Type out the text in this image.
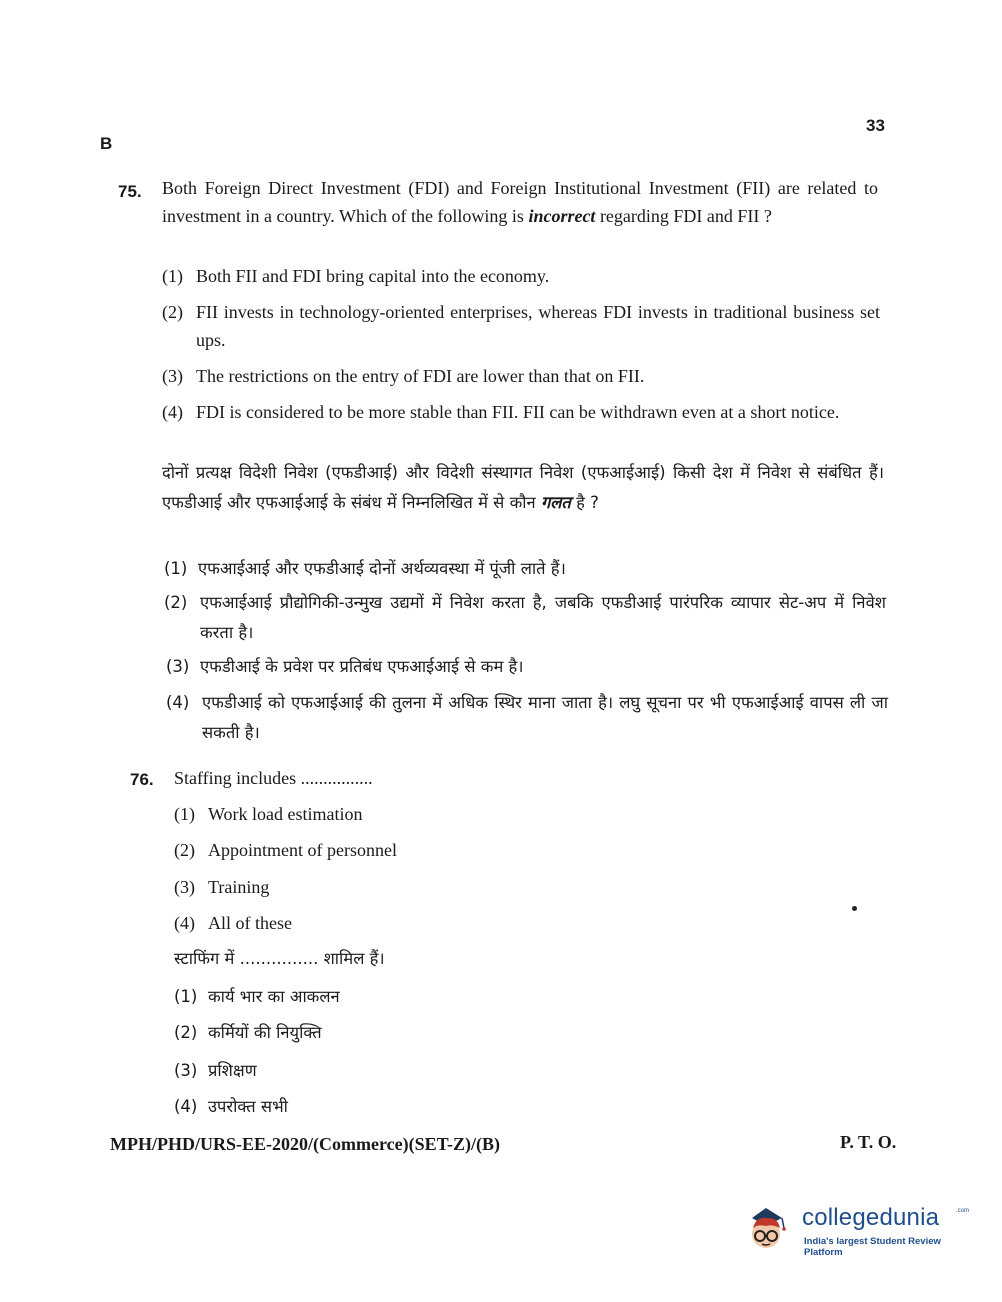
B
33
75. Both Foreign Direct Investment (FDI) and Foreign Institutional Investment (FII) are related to investment in a country. Which of the following is incorrect regarding FDI and FII ?
(1) Both FII and FDI bring capital into the economy.
(2) FII invests in technology-oriented enterprises, whereas FDI invests in traditional business set ups.
(3) The restrictions on the entry of FDI are lower than that on FII.
(4) FDI is considered to be more stable than FII. FII can be withdrawn even at a short notice.
दोनों प्रत्यक्ष विदेशी निवेश (एफडीआई) और विदेशी संस्थागत निवेश (एफआईआई) किसी देश में निवेश से संबंधित हैं। एफडीआई और एफआईआई के संबंध में निम्नलिखित में से कौन गलत है ?
(1) एफआईआई और एफडीआई दोनों अर्थव्यवस्था में पूंजी लाते हैं।
(2) एफआईआई प्रौद्योगिकी-उन्मुख उद्यमों में निवेश करता है, जबकि एफडीआई पारंपरिक व्यापार सेट-अप में निवेश करता है।
(3) एफडीआई के प्रवेश पर प्रतिबंध एफआईआई से कम है।
(4) एफडीआई को एफआईआई की तुलना में अधिक स्थिर माना जाता है। लघु सूचना पर भी एफआईआई वापस ली जा सकती है।
76. Staffing includes ................
(1) Work load estimation
(2) Appointment of personnel
(3) Training
(4) All of these
स्टाफिंग में ............... शामिल हैं।
(1) कार्य भार का आकलन
(2) कर्मियों की नियुक्ति
(3) प्रशिक्षण
(4) उपरोक्त सभी
MPH/PHD/URS-EE-2020/(Commerce)(SET-Z)/(B)	P. T. O.
collegedunia	.com
India's largest Student Review Platform
